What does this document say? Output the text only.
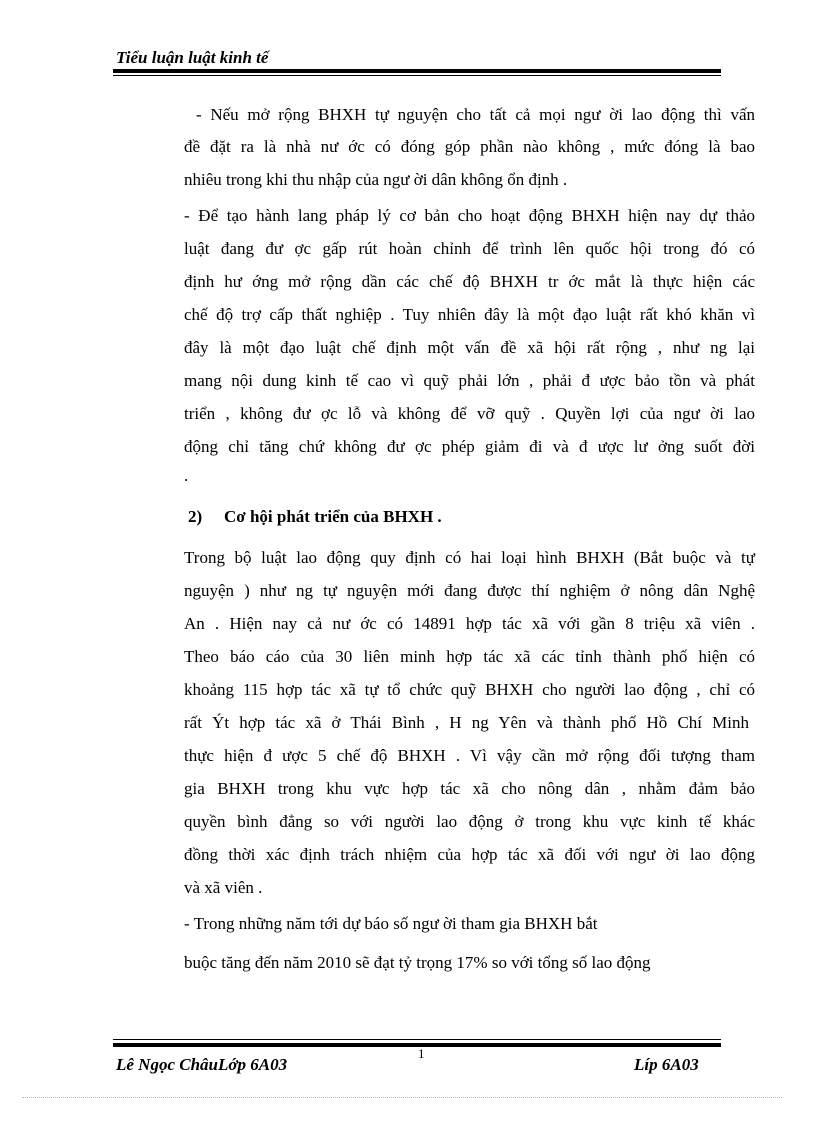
Tiểu luận luật kinh tế
- Nếu mở rộng BHXH tự nguyện cho tất cả mọi ngư ời lao động thì vấn
đề đặt ra là nhà nư ớc có đóng góp phần nào không , mức đóng là bao
nhiêu trong khi thu nhập của ngư ời dân không ổn định .
- Để tạo hành lang pháp lý cơ bản cho hoạt động BHXH hiện nay dự thảo
luật đang đư ợc gấp rút hoàn chỉnh để trình lên quốc hội trong đó có
định hư ớng mở rộng dần các chế độ BHXH tr ớc mắt là thực hiện các
chế độ trợ cấp thất nghiệp . Tuy nhiên đây là một đạo luật rất khó khăn vì
đây là một đạo luật chế định một vấn đề xã hội rất rộng , như ng lại
mang nội dung kinh tế cao vì quỹ phải lớn , phải đ ược bảo tồn và phát
triển , không đư ợc lỗ và không để vỡ quỹ . Quyền lợi của ngư ời lao
động chỉ tăng chứ không đư ợc phép giảm đi và đ ược lư ởng suốt đời
.
2) Cơ hội phát triển của BHXH .
Trong bộ luật lao động quy định có hai loại hình BHXH (Bắt buộc và tự
nguyện ) như ng tự nguyện mới đang được thí nghiệm ở nông dân Nghệ
An . Hiện nay cả nư ớc có 14891 hợp tác xã với gần 8 triệu xã viên .
Theo báo cáo của 30 liên minh hợp tác xã các tỉnh thành phố hiện có
khoảng 115 hợp tác xã tự tổ chức quỹ BHXH cho người lao động , chỉ có
rất Ýt hợp tác xã ở Thái Bình , H ng Yên và thành phố Hồ Chí Minh
thực hiện đ ược 5 chế độ BHXH . Vì vậy cần mở rộng đối tượng tham
gia BHXH trong khu vực hợp tác xã cho nông dân , nhằm đảm bảo
quyền bình đẳng so với người lao động ở trong khu vực kinh tế khác
đồng thời xác định trách nhiệm của hợp tác xã đối với ngư ời lao động
và xã viên .
- Trong những năm tới dự báo số ngư ời tham gia BHXH bắt
buộc tăng đến năm 2010 sẽ đạt tỷ trọng 17% so với tổng số lao động
1
Lê Ngọc ChâuLớp 6A03	Líp 6A03
